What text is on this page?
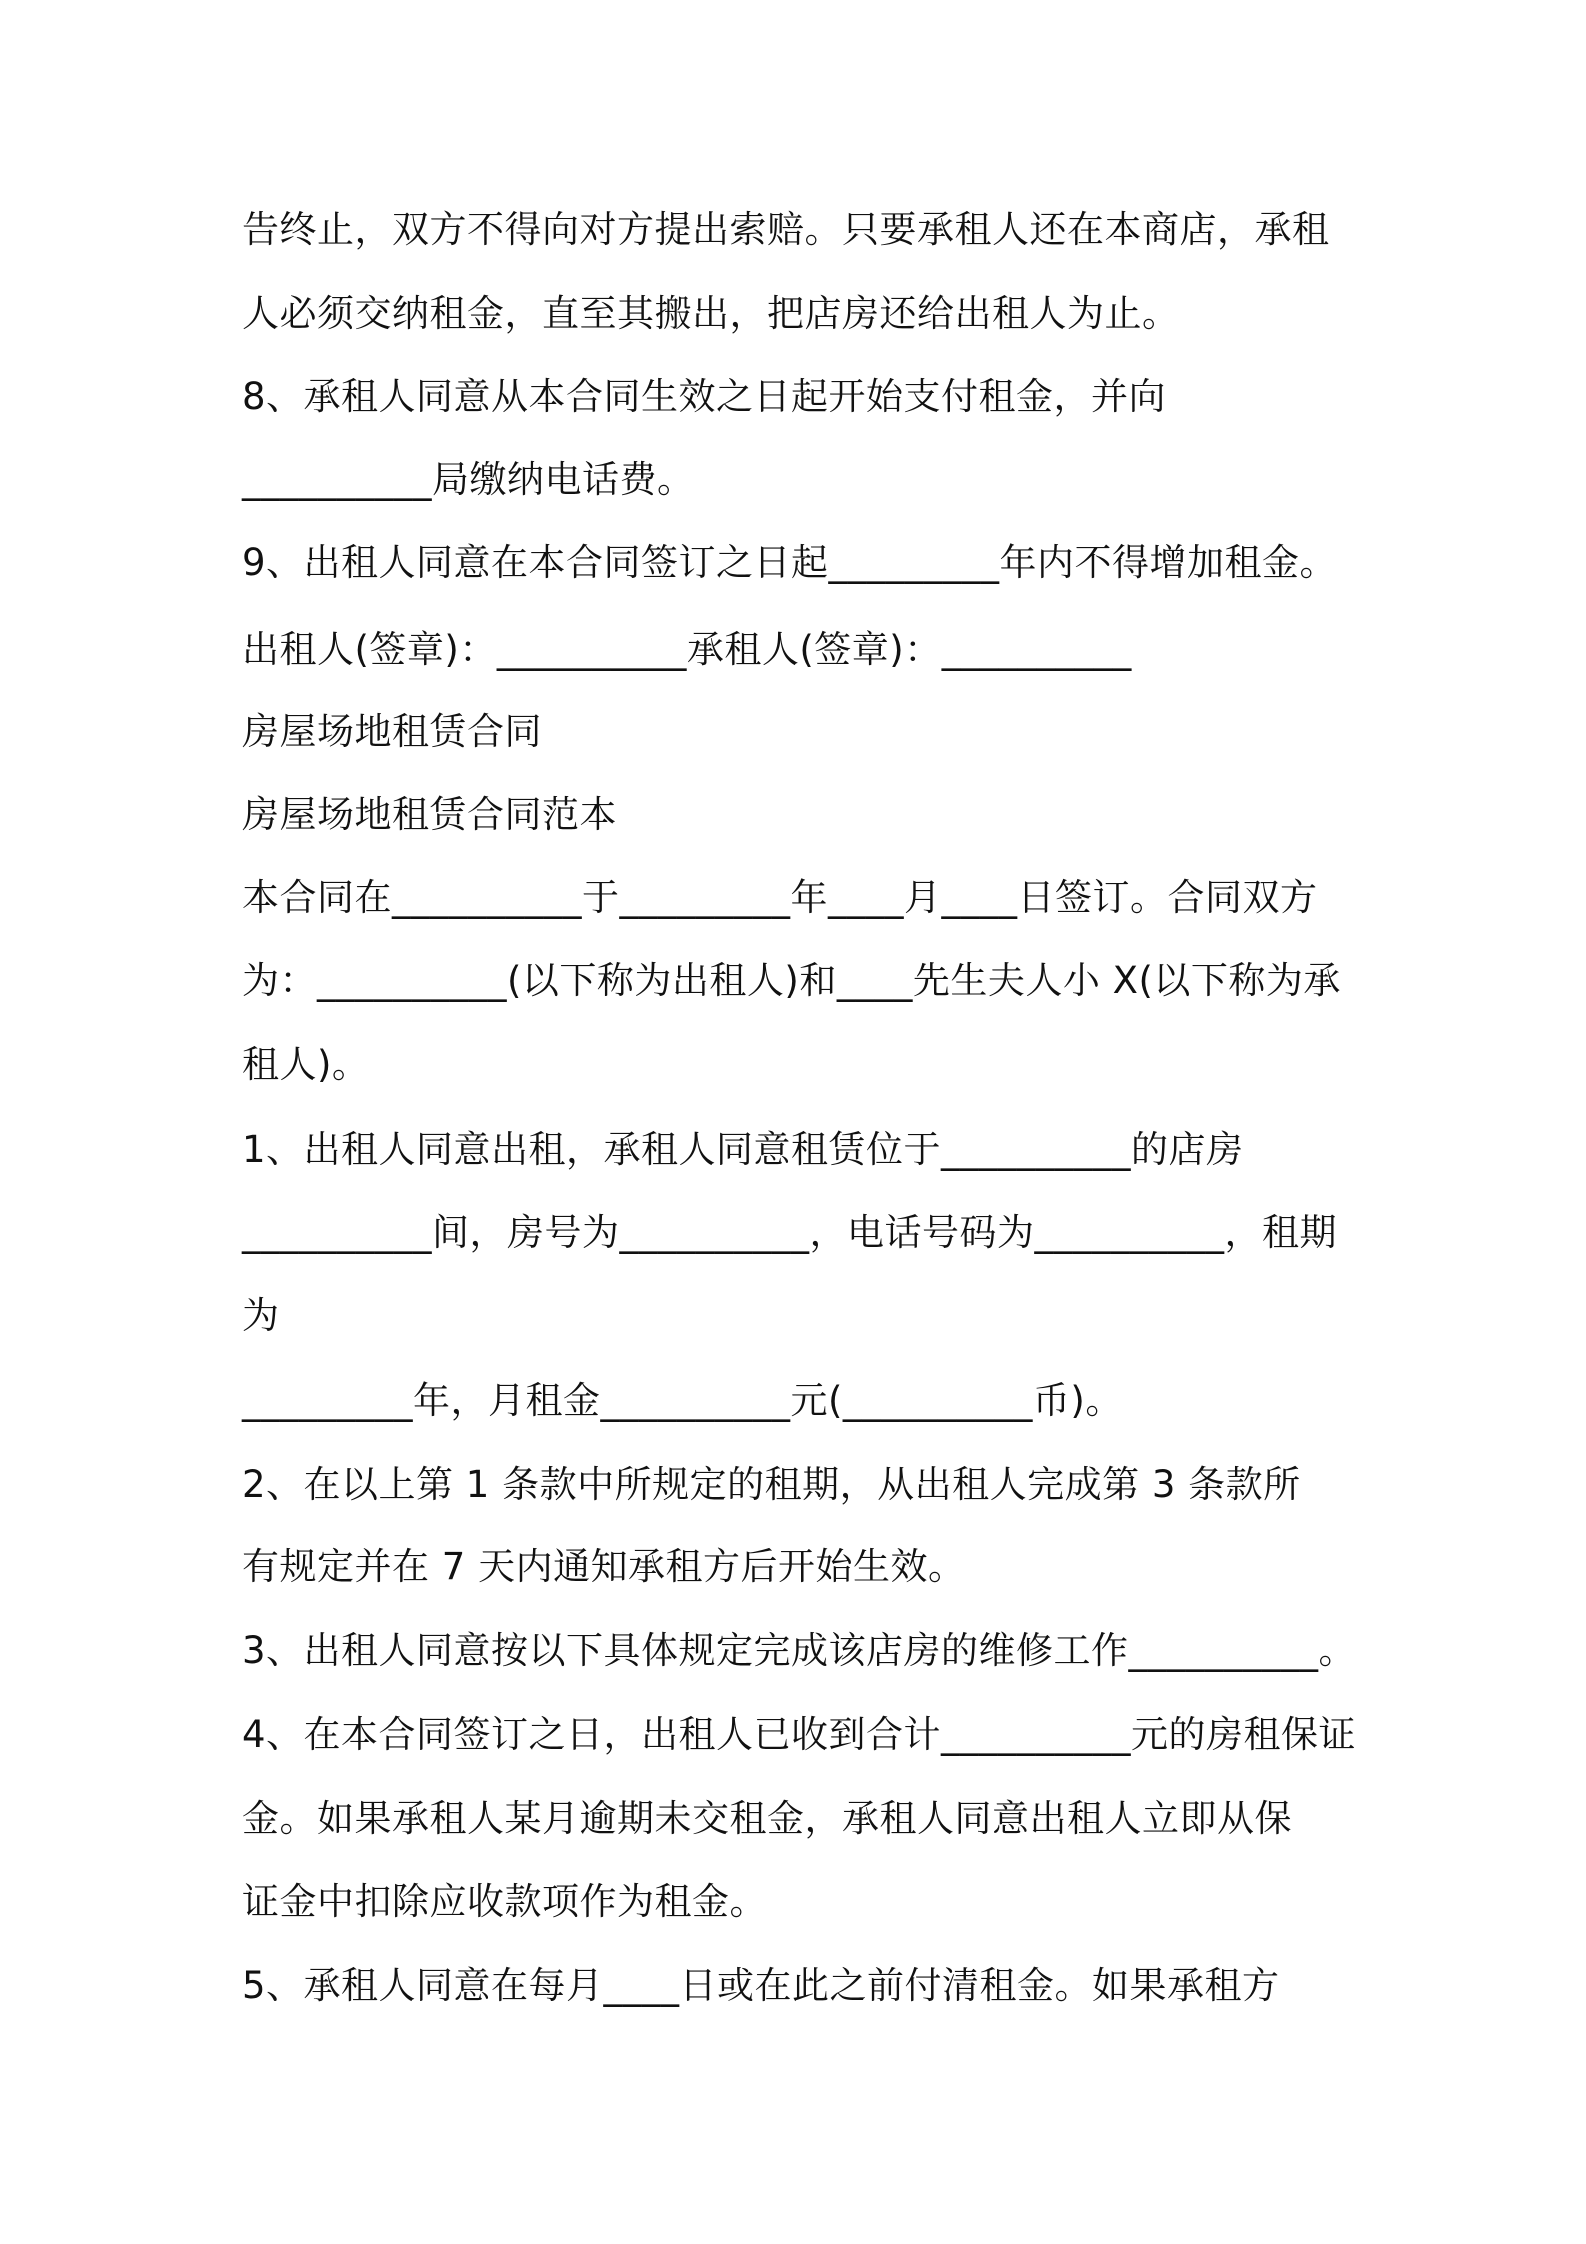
告终止，双方不得向对方提出索赔。只要承租人还在本商店，承租
人必须交纳租金，直至其搬出，把店房还给出租人为止。
8、承租人同意从本合同生效之日起开始支付租金，并向
__________局缴纳电话费。
9、出租人同意在本合同签订之日起_________年内不得增加租金。
出租人(签章)：__________承租人(签章)：__________
房屋场地租赁合同
房屋场地租赁合同范本
本合同在__________于_________年____月____日签订。合同双方
为：__________(以下称为出租人)和____先生夫人小 X(以下称为承
租人)。
1、出租人同意出租，承租人同意租赁位于__________的店房
__________间，房号为__________，电话号码为__________，租期
为
_________年，月租金__________元(__________币)。
2、在以上第 1 条款中所规定的租期，从出租人完成第 3 条款所
有规定并在 7 天内通知承租方后开始生效。
3、出租人同意按以下具体规定完成该店房的维修工作__________。
4、在本合同签订之日，出租人已收到合计__________元的房租保证
金。如果承租人某月逾期未交租金，承租人同意出租人立即从保
证金中扣除应收款项作为租金。
5、承租人同意在每月____日或在此之前付清租金。如果承租方
